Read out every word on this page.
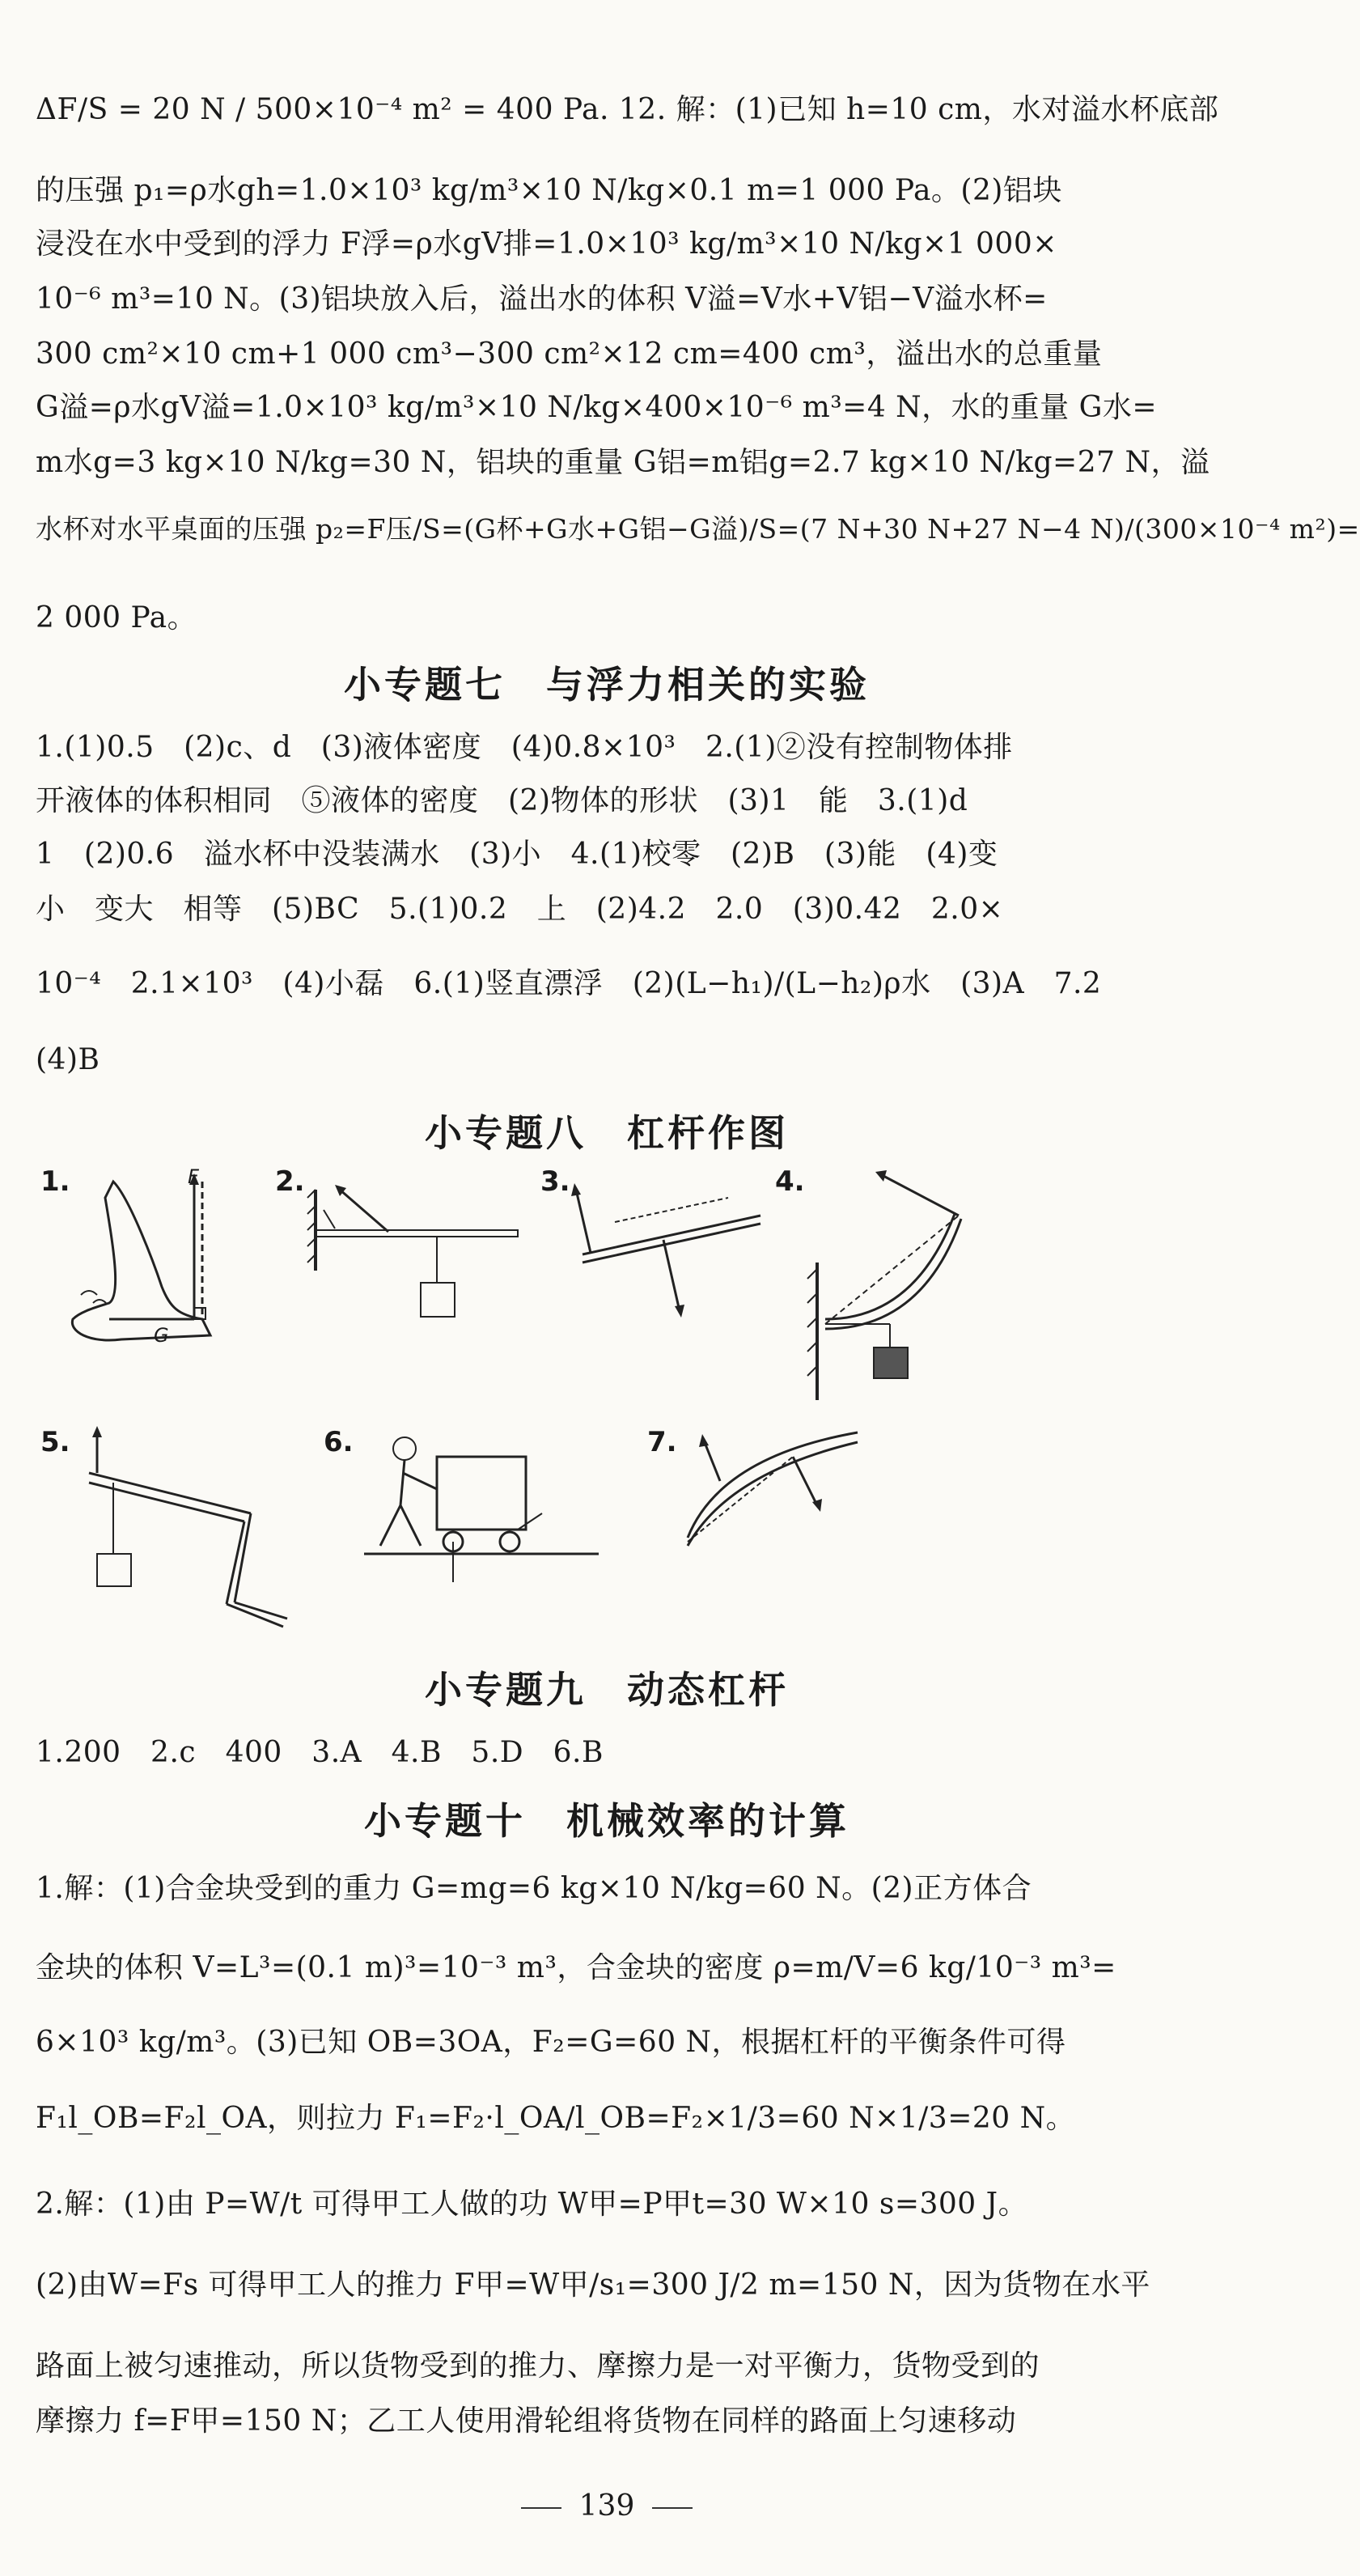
ΔF/S = 20 N / 500×10⁻⁴ m² = 400 Pa. 12. 解：(1)已知 h=10 cm，水对溢水杯底部
的压强 p₁=ρ水gh=1.0×10³ kg/m³×10 N/kg×0.1 m=1 000 Pa。(2)铝块
浸没在水中受到的浮力 F浮=ρ水gV排=1.0×10³ kg/m³×10 N/kg×1 000×
10⁻⁶ m³=10 N。(3)铝块放入后，溢出水的体积 V溢=V水+V铝−V溢水杯=
300 cm²×10 cm+1 000 cm³−300 cm²×12 cm=400 cm³，溢出水的总重量
G溢=ρ水gV溢=1.0×10³ kg/m³×10 N/kg×400×10⁻⁶ m³=4 N，水的重量 G水=
m水g=3 kg×10 N/kg=30 N，铝块的重量 G铝=m铝g=2.7 kg×10 N/kg=27 N，溢
水杯对水平桌面的压强 p₂=F压/S=(G杯+G水+G铝−G溢)/S=(7 N+30 N+27 N−4 N)/(300×10⁻⁴ m²)=
2 000 Pa。
小专题七　与浮力相关的实验
1.(1)0.5　(2)c、d　(3)液体密度　(4)0.8×10³　2.(1)②没有控制物体排
开液体的体积相同　⑤液体的密度　(2)物体的形状　(3)1　能　3.(1)d
1　(2)0.6　溢水杯中没装满水　(3)小　4.(1)校零　(2)B　(3)能　(4)变
小　变大　相等　(5)BC　5.(1)0.2　上　(2)4.2　2.0　(3)0.42　2.0×
10⁻⁴　2.1×10³　(4)小磊　6.(1)竖直漂浮　(2)(L−h₁)/(L−h₂)ρ水　(3)A　7.2
(4)B
小专题八　杠杆作图
1.	F
G
2.	3.	4.
5.	6.	7.
小专题九　动态杠杆
1.200　2.c　400　3.A　4.B　5.D　6.B
小专题十　机械效率的计算
1.解：(1)合金块受到的重力 G=mg=6 kg×10 N/kg=60 N。(2)正方体合
金块的体积 V=L³=(0.1 m)³=10⁻³ m³，合金块的密度 ρ=m/V=6 kg/10⁻³ m³=
6×10³ kg/m³。(3)已知 OB=3OA，F₂=G=60 N，根据杠杆的平衡条件可得
F₁l_OB=F₂l_OA，则拉力 F₁=F₂·l_OA/l_OB=F₂×1/3=60 N×1/3=20 N。
2.解：(1)由 P=W/t 可得甲工人做的功 W甲=P甲t=30 W×10 s=300 J。
(2)由W=Fs 可得甲工人的推力 F甲=W甲/s₁=300 J/2 m=150 N，因为货物在水平
路面上被匀速推动，所以货物受到的推力、摩擦力是一对平衡力，货物受到的
摩擦力 f=F甲=150 N；乙工人使用滑轮组将货物在同样的路面上匀速移动
139
